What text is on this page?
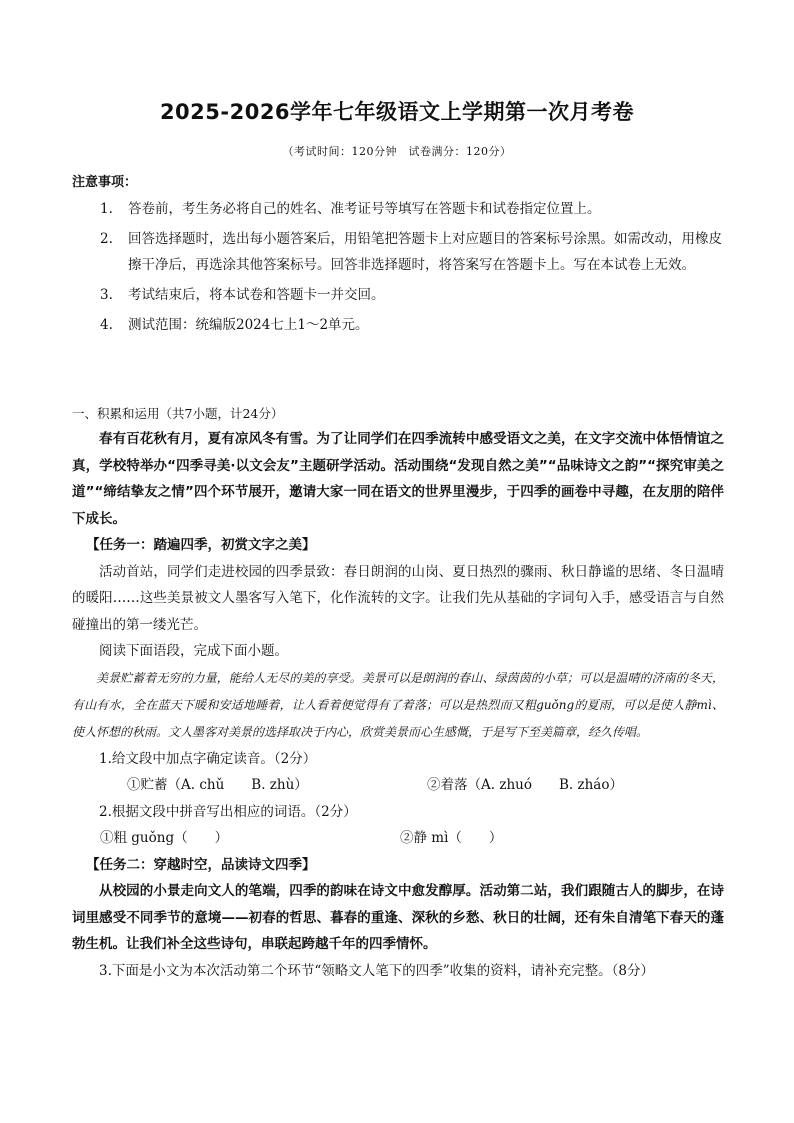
2025-2026学年七年级语文上学期第一次月考卷
（考试时间：120分钟　试卷满分：120分）
注意事项：
1. 答卷前，考生务必将自己的姓名、准考证号等填写在答题卡和试卷指定位置上。
2. 回答选择题时，选出每小题答案后，用铅笔把答题卡上对应题目的答案标号涂黑。如需改动，用橡皮擦干净后，再选涂其他答案标号。回答非选择题时，将答案写在答题卡上。写在本试卷上无效。
3. 考试结束后，将本试卷和答题卡一并交回。
4. 测试范围：统编版2024七上1～2单元。
一、积累和运用（共7小题，计24分）

春有百花秋有月，夏有凉风冬有雪。为了让同学们在四季流转中感受语文之美，在文字交流中体悟情谊之真，学校特举办“四季寻美·以文会友”主题研学活动。活动围绕“发现自然之美”“品味诗文之韵”“探究审美之道”“缔结挚友之情”四个环节展开，邀请大家一同在语文的世界里漫步，于四季的画卷中寻趣，在友朋的陪伴下成长。

【任务一：踏遍四季，初赏文字之美】

活动首站，同学们走进校园的四季景致：春日朗润的山岗、夏日热烈的骤雨、秋日静谧的思绪、冬日温晴的暖阳……这些美景被文人墨客写入笔下，化作流转的文字。让我们先从基础的字词句入手，感受语言与自然碰撞出的第一缕光芒。

阅读下面语段，完成下面小题。

美景贮蓄着无穷的力量，能给人无尽的美的享受。美景可以是朗润的春山、绿茵茵的小草；可以是温晴的济南的冬天，有山有水，全在蓝天下暖和安适地睡着，让人看着便觉得有了着落；可以是热烈而又粗guǒng的夏雨，可以是使人静mì、使人怀想的秋雨。文人墨客对美景的选择取决于内心，欣赏美景而心生感慨，于是写下至美篇章，经久传唱。

1.给文段中加点字确定读音。（2分）

①贮蓄（A. chǔ　　B. zhù）	②着落（A. zhuó　　B. zháo）

2.根据文段中拼音写出相应的词语。（2分）

①粗 guǒng（　　）	②静 mì（　　）

【任务二：穿越时空，品读诗文四季】

从校园的小景走向文人的笔端，四季的韵味在诗文中愈发醇厚。活动第二站，我们跟随古人的脚步，在诗词里感受不同季节的意境——初春的哲思、暮春的重逢、深秋的乡愁、秋日的壮阔，还有朱自清笔下春天的蓬勃生机。让我们补全这些诗句，串联起跨越千年的四季情怀。

3.下面是小文为本次活动第二个环节“领略文人笔下的四季”收集的资料，请补充完整。（8分）
